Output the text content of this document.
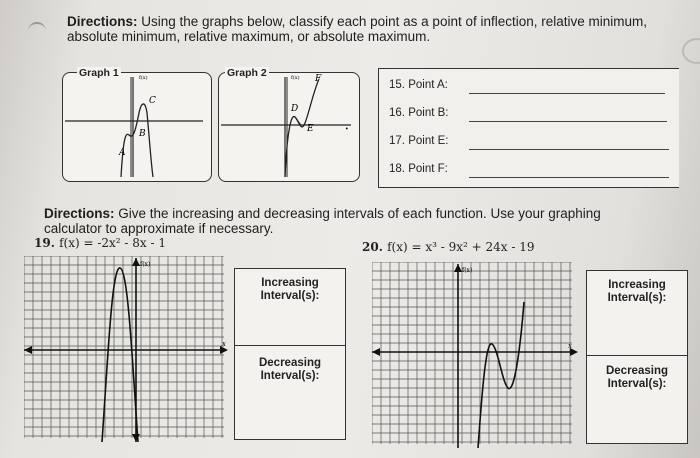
Directions: Using the graphs below, classify each point as a point of inflection, relative minimum,
absolute minimum, relative maximum, or absolute maximum.
A
B
C
f(x)
Graph 1
D
E
F
f(x)
•
Graph 2
15. Point A:
16. Point B:
17. Point E:
18. Point F:
Directions: Give the increasing and decreasing intervals of each function. Use your graphing
calculator to approximate if necessary.
19. f(x) = -2x² - 8x - 1
f(x)
x
Increasing Interval(s):
Decreasing Interval(s):
20. f(x) = x³ - 9x² + 24x - 19
f(x)
x
Increasing Interval(s):
Decreasing Interval(s):
